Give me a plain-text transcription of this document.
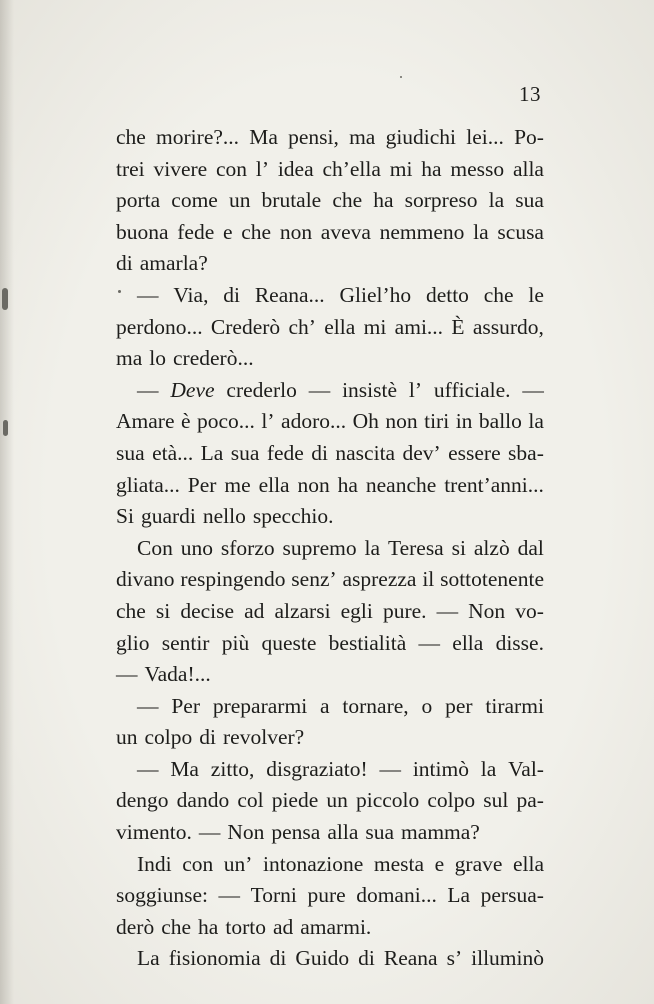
13
che morire?... Ma pensi, ma giudichi lei... Po-
trei vivere con l’ idea ch’ella mi ha messo alla
porta come un brutale che ha sorpreso la sua
buona fede e che non aveva nemmeno la scusa
di amarla?
— Via, di Reana... Gliel’ho detto che le
perdono... Crederò ch’ ella mi ami... È assurdo,
ma lo crederò...
— Deve crederlo — insistè l’ ufficiale. —
Amare è poco... l’ adoro... Oh non tiri in ballo la
sua età... La sua fede di nascita dev’ essere sba-
gliata... Per me ella non ha neanche trent’anni...
Si guardi nello specchio.
Con uno sforzo supremo la Teresa si alzò dal
divano respingendo senz’ asprezza il sottotenente
che si decise ad alzarsi egli pure. — Non vo-
glio sentir più queste bestialità — ella disse.
— Vada!...
— Per prepararmi a tornare, o per tirarmi
un colpo di revolver?
— Ma zitto, disgraziato! — intimò la Val-
dengo dando col piede un piccolo colpo sul pa-
vimento. — Non pensa alla sua mamma?
Indi con un’ intonazione mesta e grave ella
soggiunse: — Torni pure domani... La persua-
derò che ha torto ad amarmi.
La fisionomia di Guido di Reana s’ illuminò
